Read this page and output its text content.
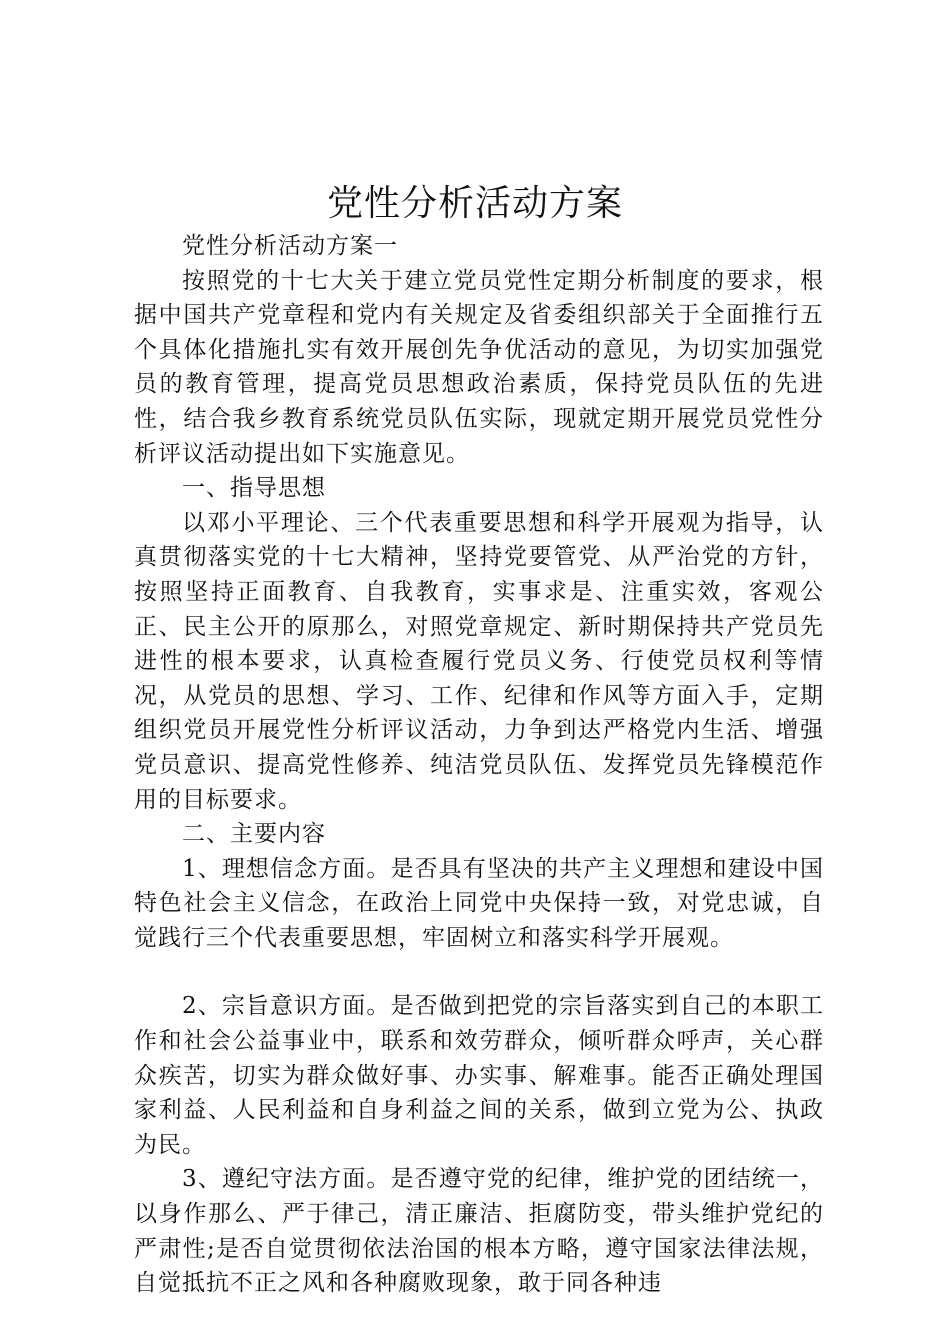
党性分析活动方案

党性分析活动方案一

按照党的十七大关于建立党员党性定期分析制度的要求，根据中国共产党章程和党内有关规定及省委组织部关于全面推行五个具体化措施扎实有效开展创先争优活动的意见，为切实加强党员的教育管理，提高党员思想政治素质，保持党员队伍的先进性，结合我乡教育系统党员队伍实际，现就定期开展党员党性分析评议活动提出如下实施意见。

一、指导思想

以邓小平理论、三个代表重要思想和科学开展观为指导，认真贯彻落实党的十七大精神，坚持党要管党、从严治党的方针，按照坚持正面教育、自我教育，实事求是、注重实效，客观公正、民主公开的原那么，对照党章规定、新时期保持共产党员先进性的根本要求，认真检查履行党员义务、行使党员权利等情况，从党员的思想、学习、工作、纪律和作风等方面入手，定期组织党员开展党性分析评议活动，力争到达严格党内生活、增强党员意识、提高党性修养、纯洁党员队伍、发挥党员先锋模范作用的目标要求。

二、主要内容

1、理想信念方面。是否具有坚决的共产主义理想和建设中国特色社会主义信念，在政治上同党中央保持一致，对党忠诚，自觉践行三个代表重要思想，牢固树立和落实科学开展观。

2、宗旨意识方面。是否做到把党的宗旨落实到自己的本职工作和社会公益事业中，联系和效劳群众，倾听群众呼声，关心群众疾苦，切实为群众做好事、办实事、解难事。能否正确处理国家利益、人民利益和自身利益之间的关系，做到立党为公、执政为民。

3、遵纪守法方面。是否遵守党的纪律，维护党的团结统一，以身作那么、严于律己，清正廉洁、拒腐防变，带头维护党纪的严肃性;是否自觉贯彻依法治国的根本方略，遵守国家法律法规，自觉抵抗不正之风和各种腐败现象，敢于同各种违
